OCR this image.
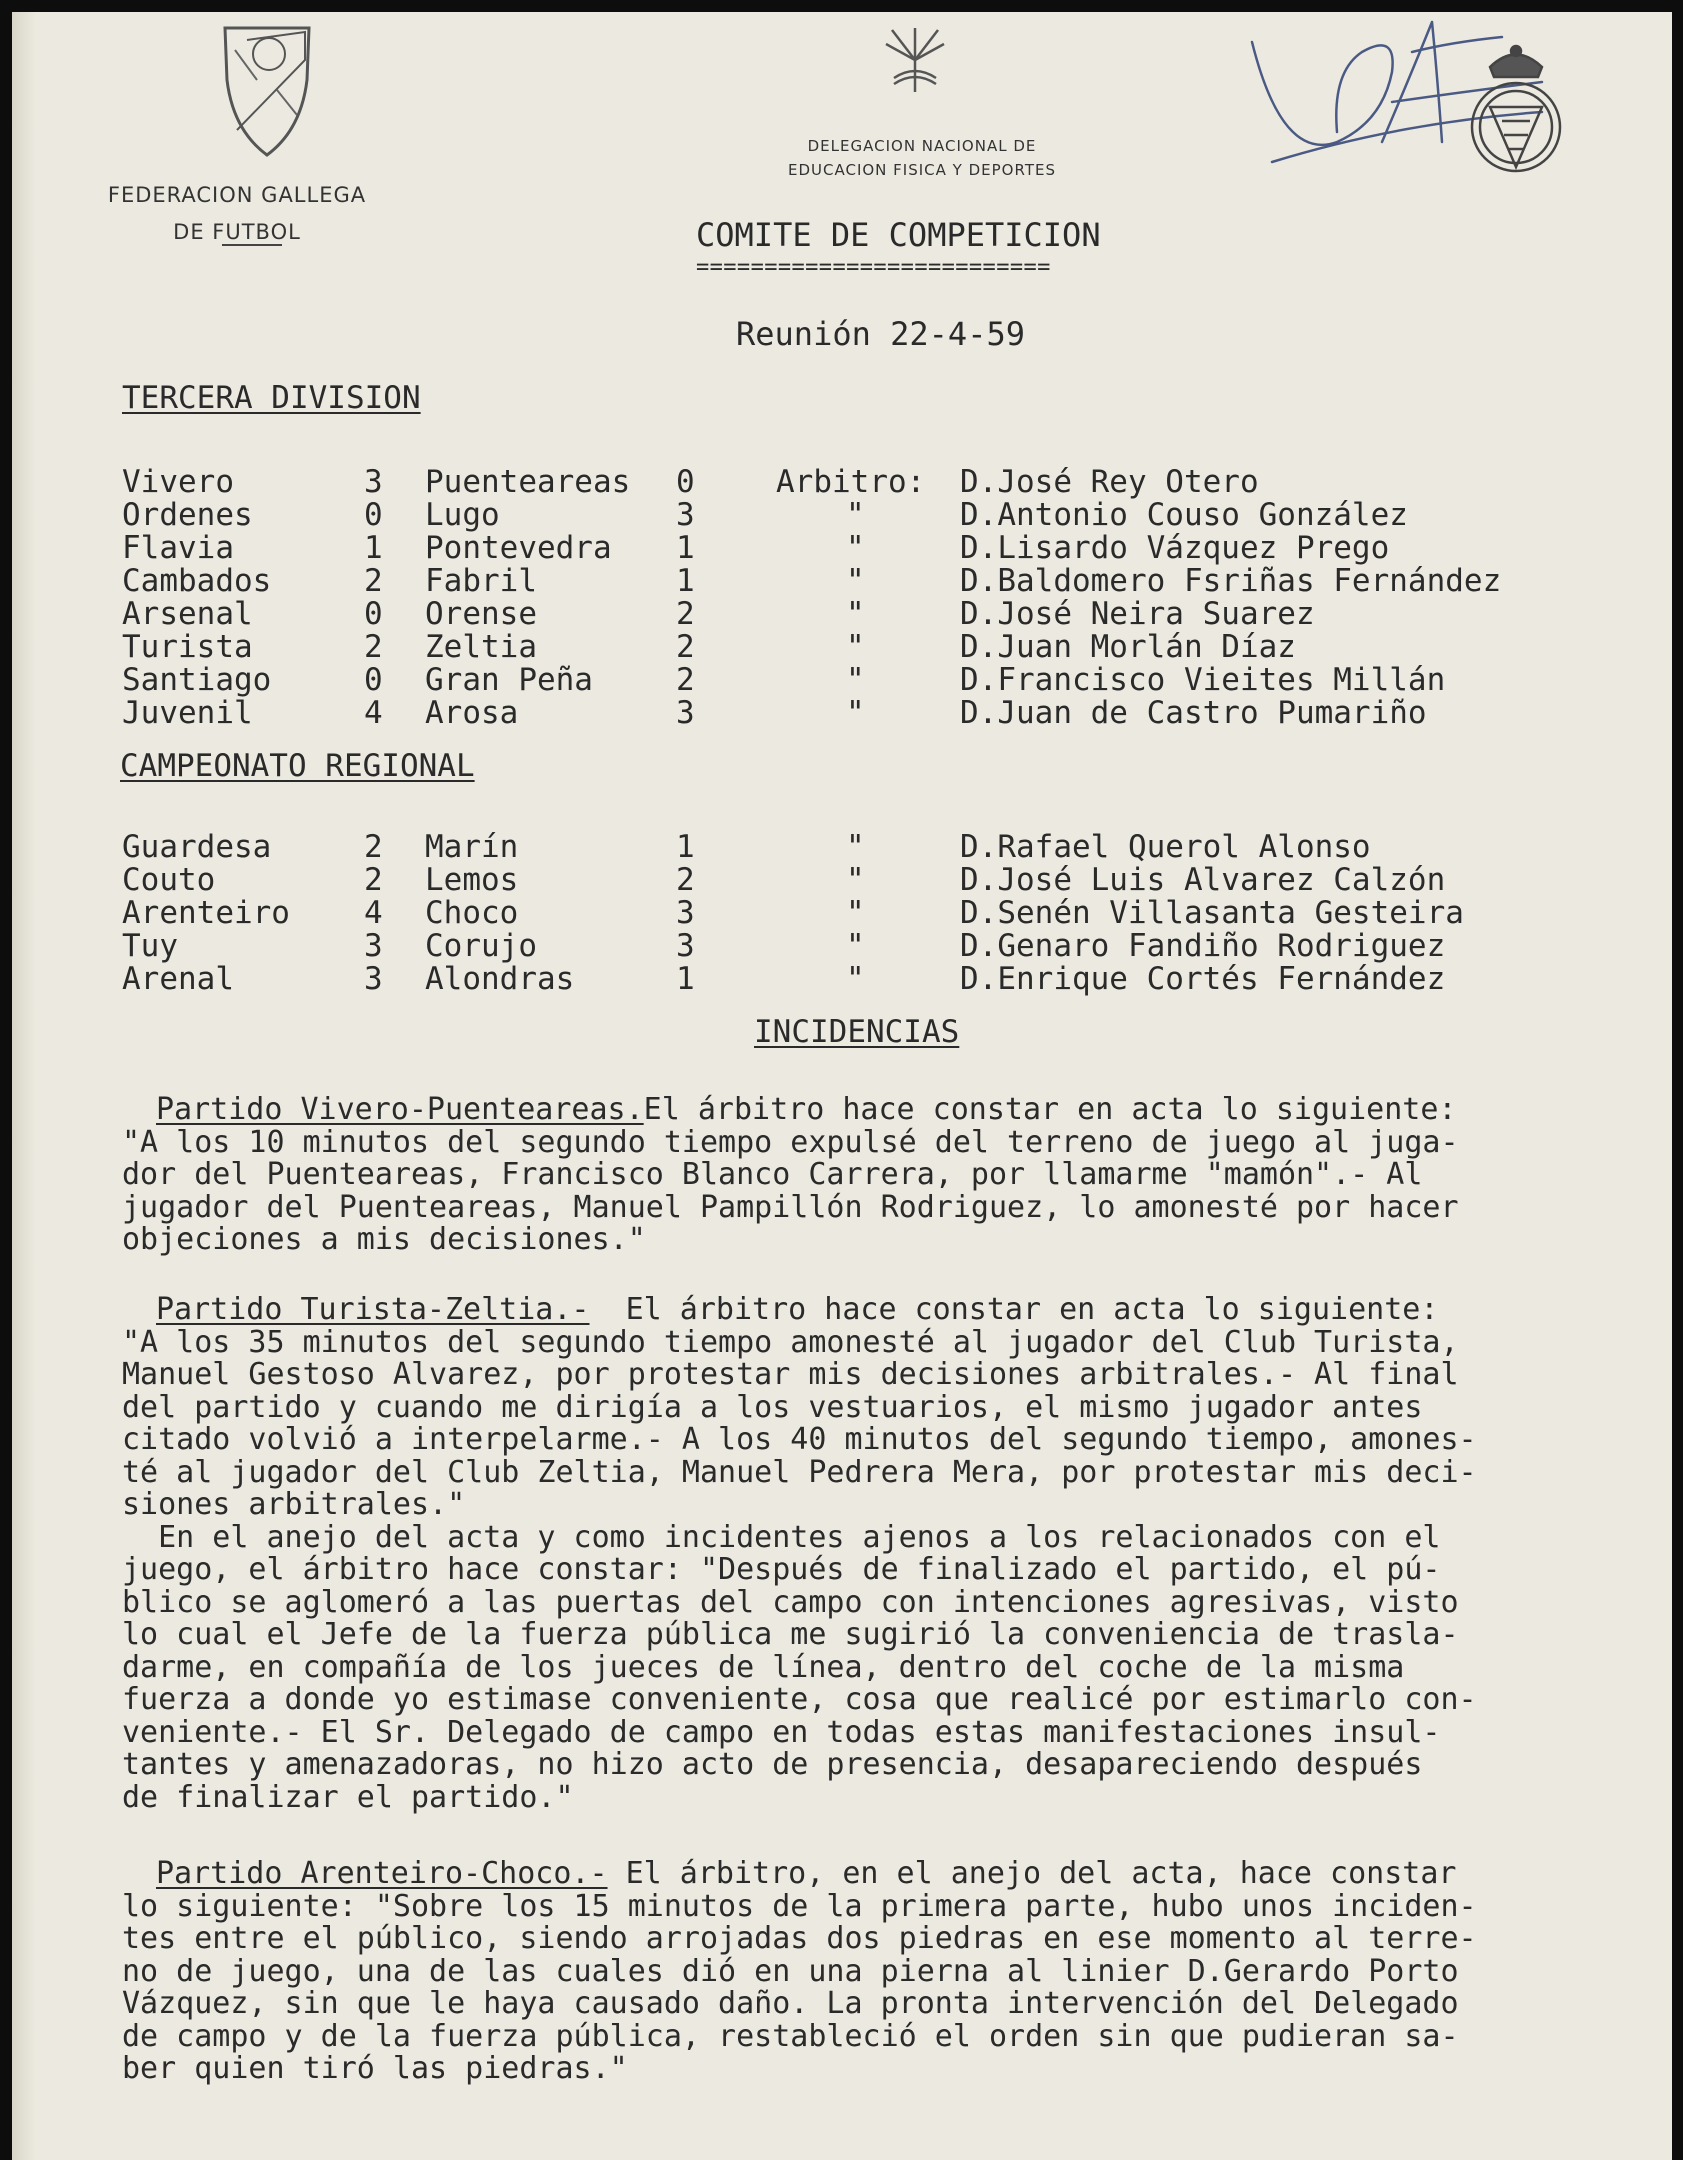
FEDERACION GALLEGA
DE FUTBOL
DELEGACION NACIONAL DE
EDUCACION FISICA Y DEPORTES
COMITE DE COMPETICION
==========================
Reunión 22-4-59
TERCERA DIVISION
Vivero	3 Puenteareas 0	Arbitro: D.José Rey Otero
Ordenes	0 Lugo	3	"	D.Antonio Couso González
Flavia	1 Pontevedra 1	"	D.Lisardo Vázquez Prego
Cambados	2 Fabril	1	"	D.Baldomero Fsriñas Fernández
Arsenal	0 Orense	2	"	D.José Neira Suarez
Turista	2 Zeltia	2	"	D.Juan Morlán Díaz
Santiago	0 Gran Peña	2	"	D.Francisco Vieites Millán
Juvenil	4 Arosa	3	"	D.Juan de Castro Pumariño
CAMPEONATO REGIONAL
Guardesa	2 Marín	1	"	D.Rafael Querol Alonso
Couto	2 Lemos	2	"	D.José Luis Alvarez Calzón
Arenteiro 4 Choco	3	"	D.Senén Villasanta Gesteira
Tuy	3 Corujo	3	"	D.Genaro Fandiño Rodriguez
Arenal	3 Alondras	1	"	D.Enrique Cortés Fernández
INCIDENCIAS

Partido Vivero-Puenteareas.El árbitro hace constar en acta lo siguiente:

"A los 10 minutos del segundo tiempo expulsé del terreno de juego al juga-

dor del Puenteareas, Francisco Blanco Carrera, por llamarme "mamón".- Al

jugador del Puenteareas, Manuel Pampillón Rodriguez, lo amonesté por hacer

objeciones a mis decisiones."

Partido Turista-Zeltia.-  El árbitro hace constar en acta lo siguiente:

"A los 35 minutos del segundo tiempo amonesté al jugador del Club Turista,

Manuel Gestoso Alvarez, por protestar mis decisiones arbitrales.- Al final

del partido y cuando me dirigía a los vestuarios, el mismo jugador antes

citado volvió a interpelarme.- A los 40 minutos del segundo tiempo, amones-

té al jugador del Club Zeltia, Manuel Pedrera Mera, por protestar mis deci-

siones arbitrales."

En el anejo del acta y como incidentes ajenos a los relacionados con el

juego, el árbitro hace constar: "Después de finalizado el partido, el pú-

blico se aglomeró a las puertas del campo con intenciones agresivas, visto

lo cual el Jefe de la fuerza pública me sugirió la conveniencia de trasla-

darme, en compañía de los jueces de línea, dentro del coche de la misma

fuerza a donde yo estimase conveniente, cosa que realicé por estimarlo con-

veniente.- El Sr. Delegado de campo en todas estas manifestaciones insul-

tantes y amenazadoras, no hizo acto de presencia, desapareciendo después

de finalizar el partido."

Partido Arenteiro-Choco.- El árbitro, en el anejo del acta, hace constar

lo siguiente: "Sobre los 15 minutos de la primera parte, hubo unos inciden-

tes entre el público, siendo arrojadas dos piedras en ese momento al terre-

no de juego, una de las cuales dió en una pierna al linier D.Gerardo Porto

Vázquez, sin que le haya causado daño. La pronta intervención del Delegado

de campo y de la fuerza pública, restableció el orden sin que pudieran sa-

ber quien tiró las piedras."
